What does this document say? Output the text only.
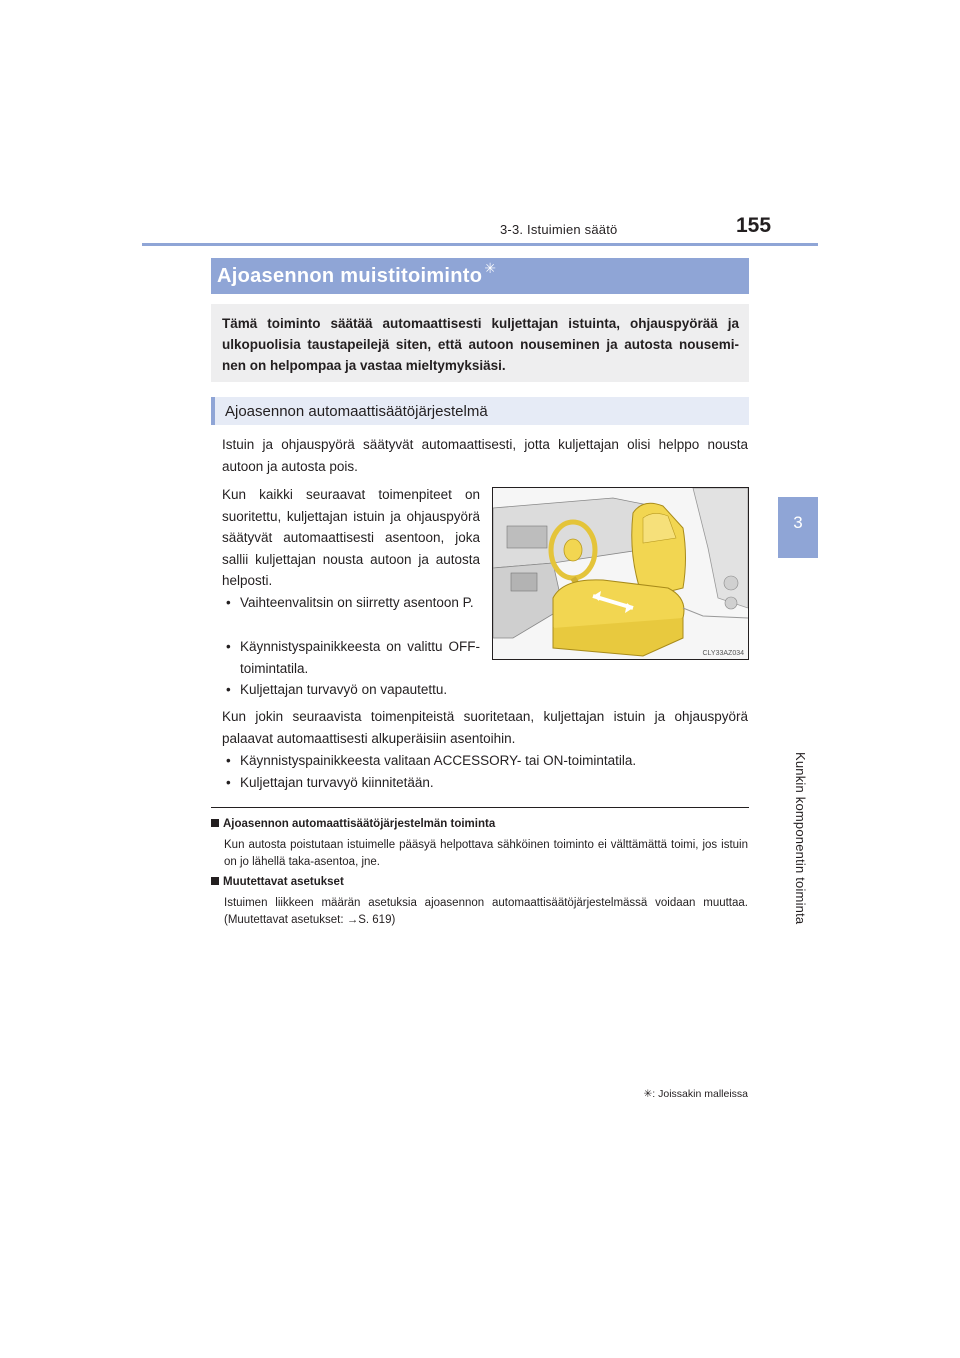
3-3. Istuimien säätö	155
3
Kunkin komponentin toiminta
Ajoasennon muistitoiminto ✳
Tämä toiminto säätää automaattisesti kuljettajan istuinta, ohjauspyörää ja ulkopuolisia taustapeilejä siten, että autoon nouseminen ja autosta nousemi-nen on helpompaa ja vastaa mieltymyksiäsi.
Ajoasennon automaattisäätöjärjestelmä
Istuin ja ohjauspyörä säätyvät automaattisesti, jotta kuljettajan olisi helppo nousta autoon ja autosta pois.
Kun kaikki seuraavat toimenpiteet on suoritettu, kuljettajan istuin ja ohjauspyörä säätyvät automaattisesti asentoon, joka sallii kuljettajan nousta autoon ja autosta helposti.
• Vaihteenvalitsin on siirretty asentoon P.
• Käynnistyspainikkeesta on valittu OFF-toimintatila.
• Kuljettajan turvavyö on vapautettu.
Kun jokin seuraavista toimenpiteistä suoritetaan, kuljettajan istuin ja ohjauspyörä palaavat automaattisesti alkuperäisiin asentoihin.
• Käynnistyspainikkeesta valitaan ACCESSORY- tai ON-toimintatila.
• Kuljettajan turvavyö kiinnitetään.
CLY33AZ034
Ajoasennon automaattisäätöjärjestelmän toiminta
Kun autosta poistutaan istuimelle pääsyä helpottava sähköinen toiminto ei välttämättä toimi, jos istuin on jo lähellä taka-asentoa, jne.
Muutettavat asetukset
Istuimen liikkeen määrän asetuksia ajoasennon automaattisäätöjärjestelmässä voidaan muuttaa. (Muutettavat asetukset: →S. 619)
✳: Joissakin malleissa
